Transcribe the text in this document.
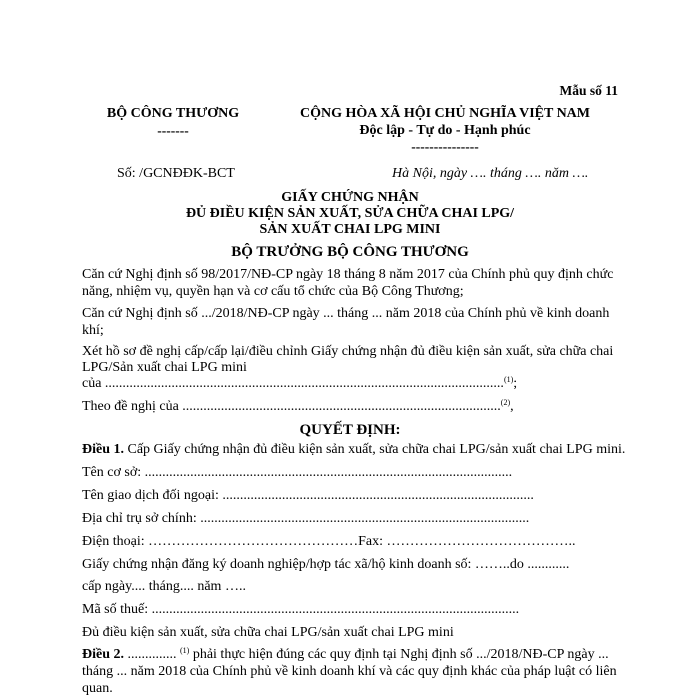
Mẫu số 11
BỘ CÔNG THƯƠNG
-------
CỘNG HÒA XÃ HỘI CHỦ NGHĨA VIỆT NAM
Độc lập - Tự do - Hạnh phúc
---------------
Số: /GCNĐĐK-BCT	Hà Nội, ngày …. tháng …. năm ….
GIẤY CHỨNG NHẬN
ĐỦ ĐIỀU KIỆN SẢN XUẤT, SỬA CHỮA CHAI LPG/
SẢN XUẤT CHAI LPG MINI
BỘ TRƯỞNG BỘ CÔNG THƯƠNG
Căn cứ Nghị định số 98/2017/NĐ-CP ngày 18 tháng 8 năm 2017 của Chính phủ quy định chức năng, nhiệm vụ, quyền hạn và cơ cấu tổ chức của Bộ Công Thương;
Căn cứ Nghị định số .../2018/NĐ-CP ngày ... tháng ... năm 2018 của Chính phủ về kinh doanh khí;
Xét hồ sơ đề nghị cấp/cấp lại/điều chỉnh Giấy chứng nhận đủ điều kiện sản xuất, sửa chữa chai
LPG/Sản xuất chai LPG mini
của ..................................................................................................................$^{(1)}$;
Theo đề nghị của ...........................................................................................$^{(2)}$,
QUYẾT ĐỊNH:
Điều 1. Cấp Giấy chứng nhận đủ điều kiện sản xuất, sửa chữa chai LPG/sản xuất chai LPG mini.
Tên cơ sở: .........................................................................................................
Tên giao dịch đối ngoại: .........................................................................................
Địa chỉ trụ sở chính: ..............................................................................................
Điện thoại: ………………………………………Fax: …………………………………..
Giấy chứng nhận đăng ký doanh nghiệp/hợp tác xã/hộ kinh doanh số: ……..do ............
cấp ngày.... tháng.... năm …..
Mã số thuế: .........................................................................................................
Đủ điều kiện sản xuất, sửa chữa chai LPG/sản xuất chai LPG mini
Điều 2. .............. $^{(1)}$ phải thực hiện đúng các quy định tại Nghị định số .../2018/NĐ-CP ngày ... tháng ... năm 2018 của Chính phủ về kinh doanh khí và các quy định khác của pháp luật có liên quan.
